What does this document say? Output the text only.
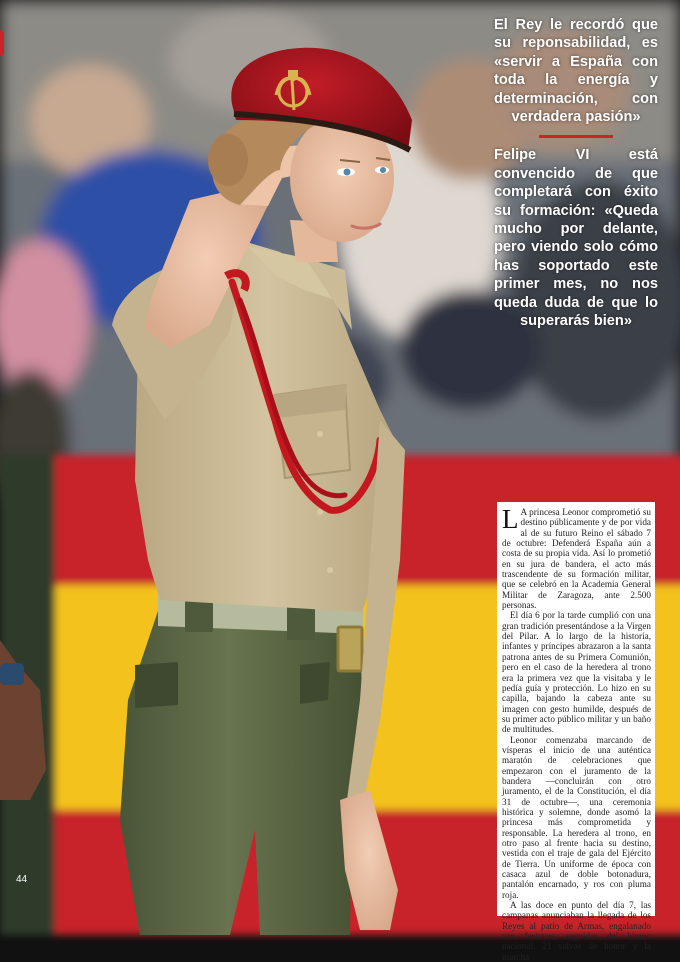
El Rey le recordó que su reponsabilidad, es «servir a España con toda la energía y determinación, con verdadera pasión»

Felipe VI está convencido de que completará con éxito su formación: «Queda mucho por delante, pero viendo solo cómo has soportado este primer mes, no nos queda duda de que lo superarás bien»

L A princesa Leonor comprometió su destino públicamente y de por vida al de su futuro Reino el sábado 7 de octubre: Defenderá España aún a costa de su propia vida. Así lo prometió en su jura de bandera, el acto más trascendente de su formación militar, que se celebró en la Academia General Militar de Zaragoza, ante 2.500 personas.

El día 6 por la tarde cumplió con una gran tradición presentándose a la Virgen del Pilar. A lo largo de la historia, infantes y príncipes abrazaron a la santa patrona antes de su Primera Comunión, pero en el caso de la heredera al trono era la primera vez que la visitaba y le pedía guía y protección. Lo hizo en su capilla, bajando la cabeza ante su imagen con gesto humilde, después de su primer acto público militar y un baño de multitudes.

Leonor comenzaba marcando de vísperas el inicio de una auténtica maratón de celebraciones que empezaron con el juramento de la bandera —concluirán con otro juramento, el de la Constitución, el día 31 de octubre—, una ceremonia histórica y solemne, donde asomó la princesa más comprometida y responsable. La heredera al trono, en otro paso al frente hacia su destino, vestida con el traje de gala del Ejército de Tierra. Un uniforme de época con casaca azul de doble botonadura, pantalón encarnado, y ros con pluma roja.

A las doce en punto del día 7, las campanas anunciaban la llegada de los Reyes al patio de Armas, engalanado con festones, seguidas del himno nacional. 21 salvas de honor y la marcha

44
